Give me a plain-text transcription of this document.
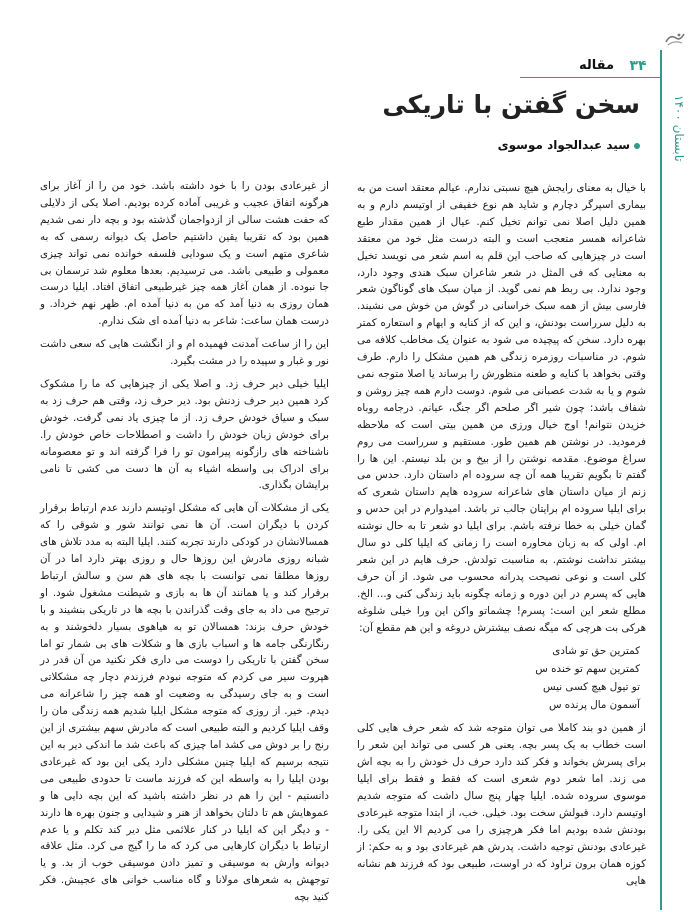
۳۴
مقاله
تابستان ۱۴۰۰
سخن گفتن با تاریکی
سید عبدالجواد موسوی

با خیال به معنای رایجش هیچ نسبتی ندارم. عیالم معتقد است من به بیماری اسپرگر دچارم و شاید هم نوع خفیفی از اوتیسم دارم و به همین دلیل اصلا نمی توانم تخیل کنم. عیال از همین مقدار طبع شاعرانه همسر متعجب است و البته درست مثل خود من معتقد است در چیزهایی که صاحب این قلم به اسم شعر می نویسد تخیل به معنایی که فی المثل در شعر شاعران سبک هندی وجود دارد، وجود ندارد. بی ربط هم نمی گوید. از میان سبک های گوناگون شعر فارسی بیش از همه سبک خراسانی در گوش من خوش می نشیند. به دلیل سرراست بودنش، و این که از کنایه و ایهام و استعاره کمتر بهره دارد. سخن که پیچیده می شود به عنوان یک مخاطب کلافه می شوم. در مناسبات روزمره زندگی هم همین مشکل را دارم. طرف وقتی بخواهد با کنایه و طعنه منظورش را برساند یا اصلا متوجه نمی شوم و یا به شدت عصبانی می شوم. دوست دارم همه چیز روشن و شفاف باشد: چون شیر اگر صلحم اگر جنگ، عیانم. درجامه روباه خزیدن نتوانم! اوج خیال ورزی من همین بیتی است که ملاحظه فرمودید. در نوشتن هم همین طور. مستقیم و سرراست می روم سراغ موضوع. مقدمه نوشتن را از بیخ و بن بلد نیستم. این ها را گفتم تا بگویم تقریبا همه آن چه سروده ام داستان دارد. حدس می زنم از میان داستان های شاعرانه سروده هایم داستان شعری که برای ایلیا سروده ام برایتان جالب تر باشد. امیدوارم در این حدس و گمان خیلی به خطا نرفته باشم. برای ایلیا دو شعر تا به حال نوشته ام. اولی که به زبان محاوره است را زمانی که ایلیا کلی دو سال بیشتر نداشت نوشتم. به مناسبت تولدش. حرف هایم در این شعر کلی است و نوعی نصیحت پدرانه محسوب می شود. از آن حرف هایی که پسرم در این دوره و زمانه چگونه باید زندگی کنی و... الخ. مطلع شعر این است: پسرم! چشماتو واکن این ورا خیلی شلوغه هرکی بت هرچی که میگه نصف بیشترش دروغه و این هم مقطع آن:

کمترین حق تو شادی
کمترین سهم تو خنده س
تو تیول هیچ کسی نیس
آسمون مال پرنده س

از همین دو بند کاملا می توان متوجه شد که شعر حرف هایی کلی است خطاب به یک پسر بچه. یعنی هر کسی می تواند این شعر را برای پسرش بخواند و فکر کند دارد حرف دل خودش را به بچه اش می زند. اما شعر دوم شعری است که فقط و فقط برای ایلیا موسوی سروده شده. ایلیا چهار پنج سال داشت که متوجه شدیم اوتیسم دارد. قبولش سخت بود. خیلی. خب، از ابتدا متوجه غیرعادی بودنش شده بودیم اما فکر هرچیزی را می کردیم الا این یکی را. غیرعادی بودنش توجیه داشت. پدرش هم غیرعادی بود و به حکم: از کوزه همان برون تراود که در اوست، طبیعی بود که فرزند هم نشانه هایی

از غیرعادی بودن را با خود داشته باشد. خود من را از آغاز برای هرگونه اتفاق عجیب و غریبی آماده کرده بودیم. اصلا یکی از دلایلی که حفت هشت سالی از ازدواجمان گذشته بود و بچه دار نمی شدیم همین بود که تقریبا یقین داشتیم حاصل یک دیوانه رسمی که به شاعری متهم است و یک سودایی فلسفه خوانده نمی تواند چیزی معمولی و طبیعی باشد. می ترسیدیم. بعدها معلوم شد ترسمان بی جا نبوده. از همان آغاز همه چیز غیرطبیعی اتفاق افتاد. ایلیا درست همان روزی به دنیا آمد که من به دنیا آمده ام. ظهر نهم خرداد. و درست همان ساعت: شاعر به دنیا آمده ای شک ندارم.

این را از ساعت آمدنت فهمیده ام و از انگشت هایی که سعی داشت نور و غبار و سپیده را در مشت بگیرد.

ایلیا خیلی دیر حرف زد. و اصلا یکی از چیزهایی که ما را مشکوک کرد همین دیر حرف زدنش بود. دیر حرف زد، وقتی هم حرف زد به سبک و سیاق خودش حرف زد. از ما چیزی یاد نمی گرفت. خودش برای خودش زبان خودش را داشت و اصطلاحات خاص خودش را. ناشناخته های رازگونه پیرامون تو را فرا گرفته اند و تو معصومانه برای ادراک بی واسطه اشیاء به آن ها دست می کشی تا نامی برایشان بگذاری.

یکی از مشکلات آن هایی که مشکل اوتیسم دارند عدم ارتباط برقرار کردن با دیگران است. آن ها نمی توانند شور و شوقی را که همسالانشان در کودکی دارند تجربه کنند. ایلیا البته به مدد تلاش های شبانه روزی مادرش این روزها حال و روزی بهتر دارد اما در آن روزها مطلقا نمی توانست با بچه های هم سن و سالش ارتباط برقرار کند و یا همانند آن ها به بازی و شیطنت مشغول شود. او ترجیح می داد به جای وقت گذراندن با بچه ها در تاریکی بنشیند و با خودش حرف بزند: همسالان تو به هیاهوی بسیار دلخوشند و به رنگارنگی جامه ها و اسباب بازی ها و شکلات های بی شمار تو اما سخن گفتن با تاریکی را دوست می داری فکر نکنید من آن قدر در هپروت سیر می کردم که متوجه نبودم فرزندم دچار چه مشکلاتی است و به جای رسیدگی به وضعیت او همه چیز را شاعرانه می دیدم. خیر. از روزی که متوجه مشکل ایلیا شدیم همه زندگی مان را وقف ایلیا کردیم و البته طبیعی است که مادرش سهم بیشتری از این رنج را بر دوش می کشد اما چیزی که باعث شد ما اندکی دیر به این نتیجه برسیم که ایلیا چنین مشکلی دارد یکی این بود که غیرعادی بودن ایلیا را به واسطه این که فرزند ماست تا حدودی طبیعی می دانستیم - این را هم در نظر داشته باشید که این بچه دایی ها و عموهایش هم تا دلتان بخواهد از هنر و شیدایی و جنون بهره ها دارند - و دیگر این که ایلیا در کنار علائمی مثل دیر کند تکلم و یا عدم ارتباط با دیگران کارهایی می کرد که ما را گیج می کرد. مثل علاقه دیوانه وارش به موسیقی و تمیز دادن موسیقی خوب از بد. و یا توجهش به شعرهای مولانا و گاه مناسب خوانی های عجیبش. فکر کنید بچه
